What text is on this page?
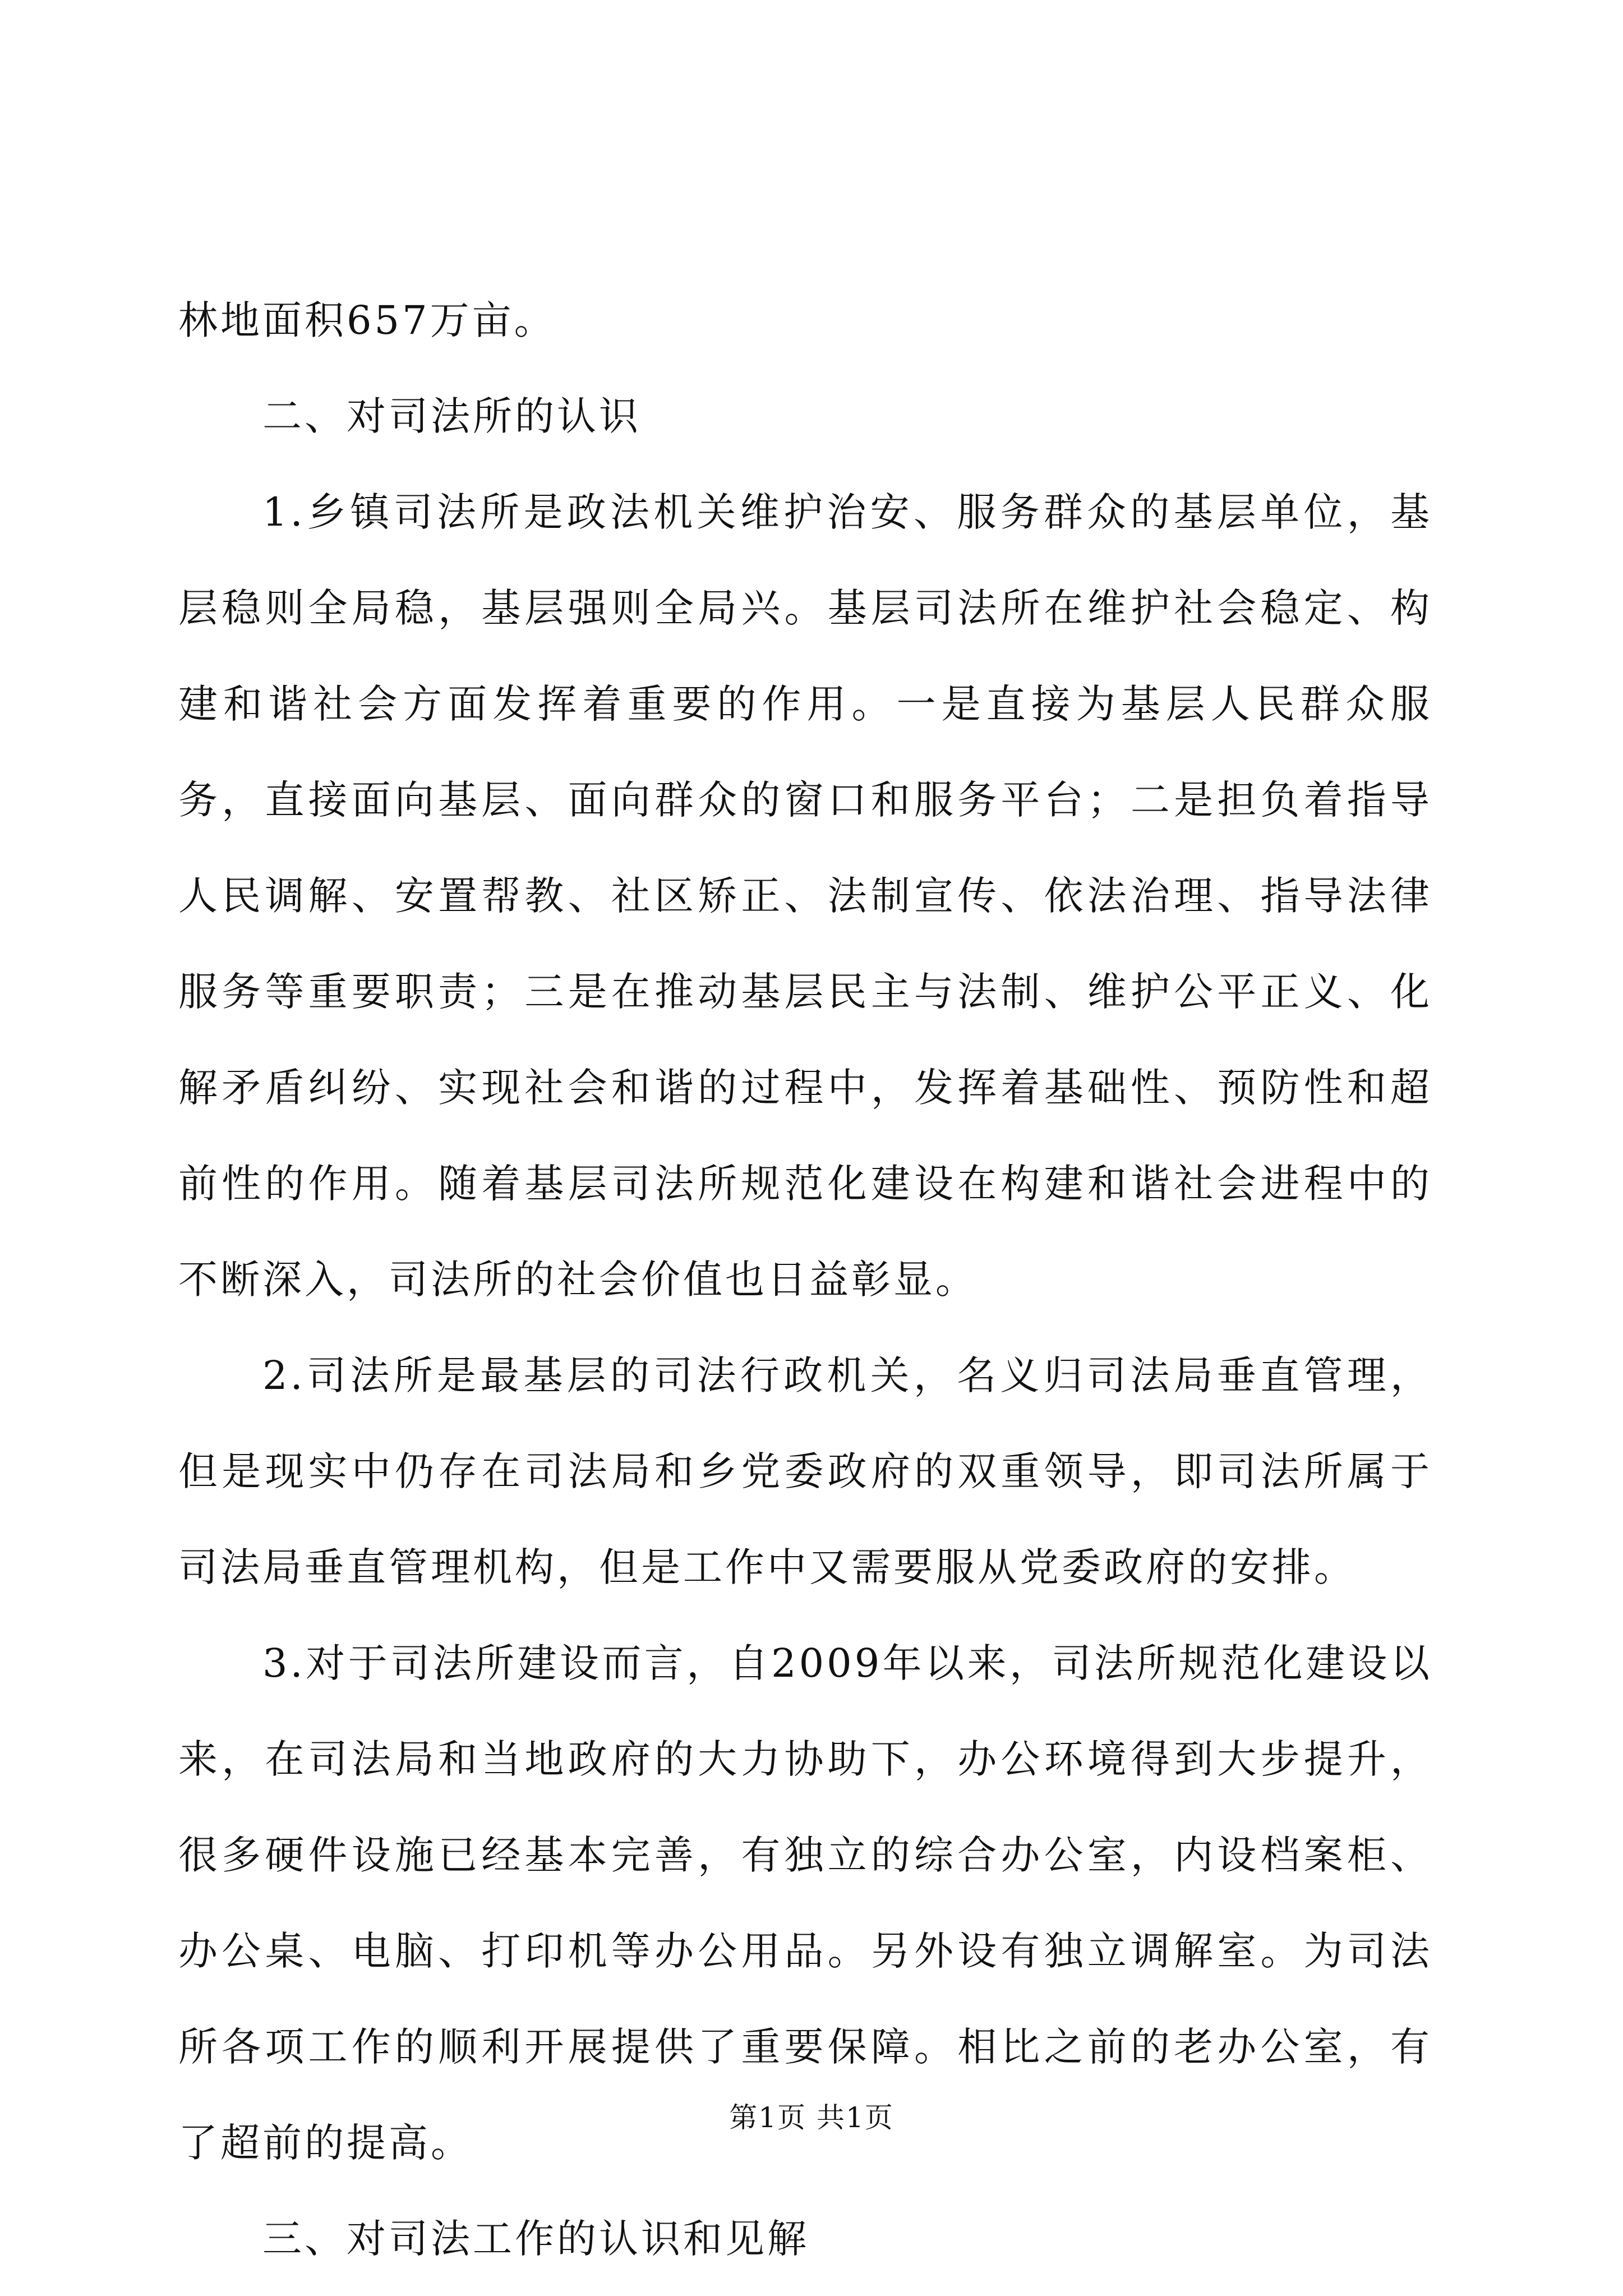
林地面积657万亩。

二、对司法所的认识

1.乡镇司法所是政法机关维护治安、服务群众的基层单位，基层稳则全局稳，基层强则全局兴。基层司法所在维护社会稳定、构建和谐社会方面发挥着重要的作用。一是直接为基层人民群众服务，直接面向基层、面向群众的窗口和服务平台；二是担负着指导人民调解、安置帮教、社区矫正、法制宣传、依法治理、指导法律服务等重要职责；三是在推动基层民主与法制、维护公平正义、化解矛盾纠纷、实现社会和谐的过程中，发挥着基础性、预防性和超前性的作用。随着基层司法所规范化建设在构建和谐社会进程中的不断深入，司法所的社会价值也日益彰显。

2.司法所是最基层的司法行政机关，名义归司法局垂直管理，但是现实中仍存在司法局和乡党委政府的双重领导，即司法所属于司法局垂直管理机构，但是工作中又需要服从党委政府的安排。

3.对于司法所建设而言，自2009年以来，司法所规范化建设以来，在司法局和当地政府的大力协助下，办公环境得到大步提升，很多硬件设施已经基本完善，有独立的综合办公室，内设档案柜、办公桌、电脑、打印机等办公用品。另外设有独立调解室。为司法所各项工作的顺利开展提供了重要保障。相比之前的老办公室，有了超前的提高。

三、对司法工作的认识和见解

第1页 共1页
